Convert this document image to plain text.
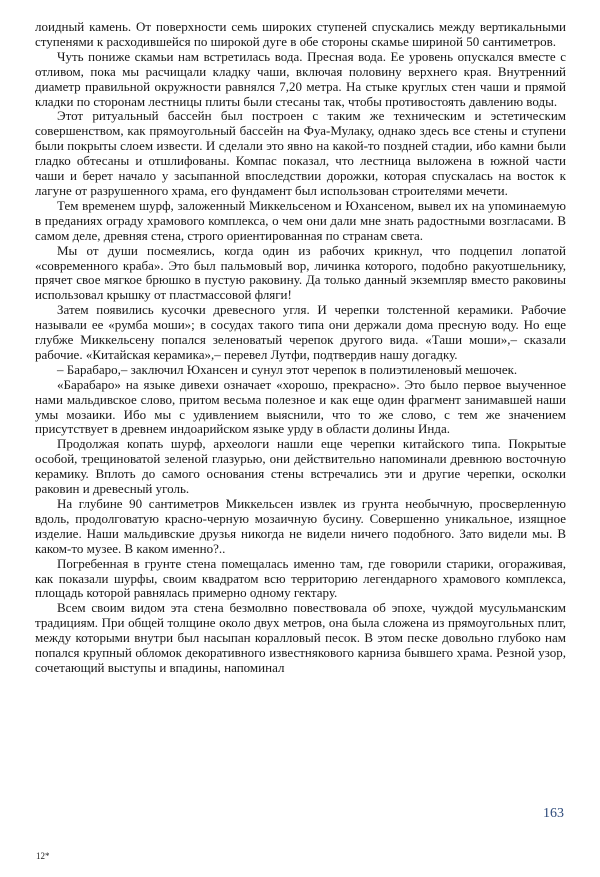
лоидный камень. От поверхности семь широких ступеней спускались между вертикальными ступенями к расходившейся по широкой дуге в обе стороны скамье шириной 50 сантиметров.

Чуть пониже скамьи нам встретилась вода. Пресная вода. Ее уровень опускался вместе с отливом, пока мы расчищали кладку чаши, включая половину верхнего края. Внутренний диаметр правильной окружности равнялся 7,20 метра. На стыке круглых стен чаши и прямой кладки по сторонам лестницы плиты были стесаны так, чтобы противостоять давлению воды.

Этот ритуальный бассейн был построен с таким же техническим и эстетическим совершенством, как прямоугольный бассейн на Фуа-Мулаку, однако здесь все стены и ступени были покрыты слоем извести. И сделали это явно на какой-то поздней стадии, ибо камни были гладко обтесаны и отшлифованы. Компас показал, что лестница выложена в южной части чаши и берет начало у засыпанной впоследствии дорожки, которая спускалась на восток к лагуне от разрушенного храма, его фундамент был использован строителями мечети.

Тем временем шурф, заложенный Миккельсеном и Юхансеном, вывел их на упоминаемую в преданиях ограду храмового комплекса, о чем они дали мне знать радостными возгласами. В самом деле, древняя стена, строго ориентированная по странам света.

Мы от души посмеялись, когда один из рабочих крикнул, что подцепил лопатой «современного краба». Это был пальмовый вор, личинка которого, подобно ракуотшельнику, прячет свое мягкое брюшко в пустую раковину. Да только данный экземпляр вместо раковины использовал крышку от пластмассовой фляги!

Затем появились кусочки древесного угля. И черепки толстенной керамики. Рабочие называли ее «румба моши»; в сосудах такого типа они держали дома пресную воду. Но еще глубже Миккельсену попался зеленоватый черепок другого вида. «Таши моши»,– сказали рабочие. «Китайская керамика»,– перевел Лутфи, подтвердив нашу догадку.

– Барабаро,– заключил Юхансен и сунул этот черепок в полиэтиленовый мешочек.

«Барабаро» на языке дивехи означает «хорошо, прекрасно». Это было первое выученное нами мальдивское слово, притом весьма полезное и как еще один фрагмент занимавшей наши умы мозаики. Ибо мы с удивлением выяснили, что то же слово, с тем же значением присутствует в древнем индоарийском языке урду в области долины Инда.

Продолжая копать шурф, археологи нашли еще черепки китайского типа. Покрытые особой, трещиноватой зеленой глазурью, они действительно напоминали древнюю восточную керамику. Вплоть до самого основания стены встречались эти и другие черепки, осколки раковин и древесный уголь.

На глубине 90 сантиметров Миккельсен извлек из грунта необычную, просверленную вдоль, продолговатую красно-черную мозаичную бусину. Совершенно уникальное, изящное изделие. Наши мальдивские друзья никогда не видели ничего подобного. Зато видели мы. В каком-то музее. В каком именно?..

Погребенная в грунте стена помещалась именно там, где говорили старики, огораживая, как показали шурфы, своим квадратом всю территорию легендарного храмового комплекса, площадь которой равнялась примерно одному гектару.

Всем своим видом эта стена безмолвно повествовала об эпохе, чуждой мусульманским традициям. При общей толщине около двух метров, она была сложена из прямоугольных плит, между которыми внутри был насыпан коралловый песок. В этом песке довольно глубоко нам попался крупный обломок декоративного известнякового карниза бывшего храма. Резной узор, сочетающий выступы и впадины, напоминал

163
12*
